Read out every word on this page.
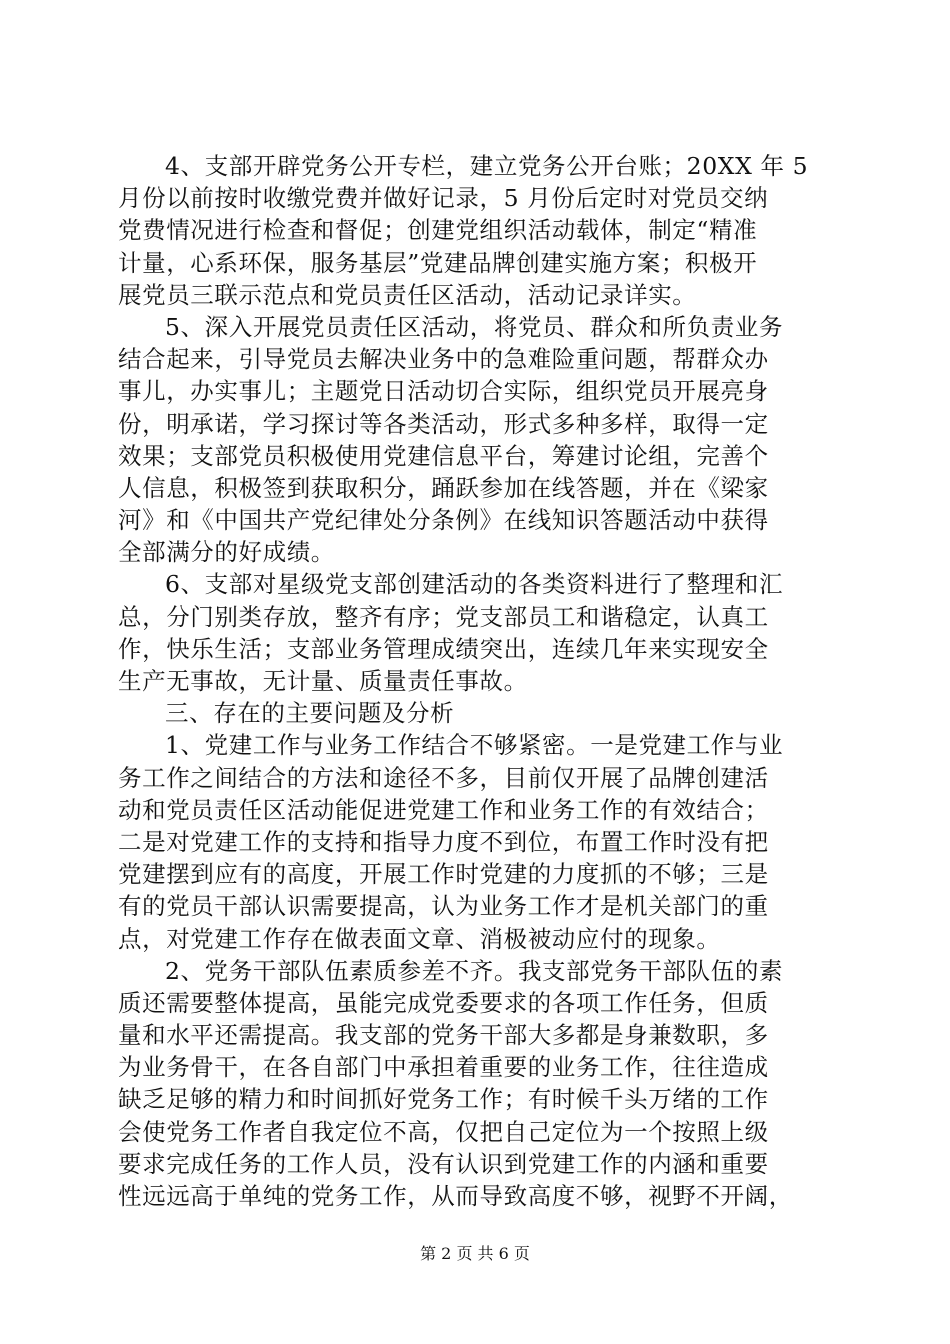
4、支部开辟党务公开专栏，建立党务公开台账；20XX 年 5
月份以前按时收缴党费并做好记录，5 月份后定时对党员交纳
党费情况进行检查和督促；创建党组织活动载体，制定“精准
计量，心系环保，服务基层”党建品牌创建实施方案；积极开
展党员三联示范点和党员责任区活动，活动记录详实。
5、深入开展党员责任区活动，将党员、群众和所负责业务
结合起来，引导党员去解决业务中的急难险重问题，帮群众办
事儿，办实事儿；主题党日活动切合实际，组织党员开展亮身
份，明承诺，学习探讨等各类活动，形式多种多样，取得一定
效果；支部党员积极使用党建信息平台，筹建讨论组，完善个
人信息，积极签到获取积分，踊跃参加在线答题，并在《梁家
河》和《中国共产党纪律处分条例》在线知识答题活动中获得
全部满分的好成绩。
6、支部对星级党支部创建活动的各类资料进行了整理和汇
总，分门别类存放，整齐有序；党支部员工和谐稳定，认真工
作，快乐生活；支部业务管理成绩突出，连续几年来实现安全
生产无事故，无计量、质量责任事故。
三、存在的主要问题及分析
1、党建工作与业务工作结合不够紧密。一是党建工作与业
务工作之间结合的方法和途径不多，目前仅开展了品牌创建活
动和党员责任区活动能促进党建工作和业务工作的有效结合；
二是对党建工作的支持和指导力度不到位，布置工作时没有把
党建摆到应有的高度，开展工作时党建的力度抓的不够；三是
有的党员干部认识需要提高，认为业务工作才是机关部门的重
点，对党建工作存在做表面文章、消极被动应付的现象。
2、党务干部队伍素质参差不齐。我支部党务干部队伍的素
质还需要整体提高，虽能完成党委要求的各项工作任务，但质
量和水平还需提高。我支部的党务干部大多都是身兼数职，多
为业务骨干，在各自部门中承担着重要的业务工作，往往造成
缺乏足够的精力和时间抓好党务工作；有时候千头万绪的工作
会使党务工作者自我定位不高，仅把自己定位为一个按照上级
要求完成任务的工作人员，没有认识到党建工作的内涵和重要
性远远高于单纯的党务工作，从而导致高度不够，视野不开阔，
第 2 页 共 6 页
